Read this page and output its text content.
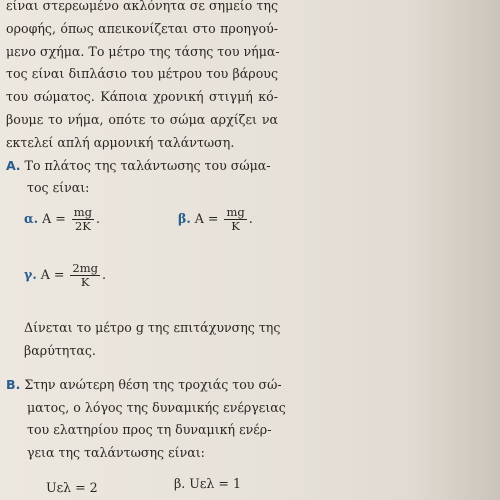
είναι στερεωμένο ακλόνητα σε σημείο της
οροφής, όπως απεικονίζεται στο προηγού-
μενο σχήμα. Το μέτρο της τάσης του νήμα-
τος είναι διπλάσιο του μέτρου του βάρους
του σώματος. Κάποια χρονική στιγμή κό-
βουμε το νήμα, οπότε το σώμα αρχίζει να
εκτελεί απλή αρμονική ταλάντωση.
Α. Το πλάτος της ταλάντωσης του σώμα-
τος είναι:
α. $A = \frac{mg}{2K}$ .	β. $A = \frac{mg}{K}$ .
γ. $A = \frac{2mg}{K}$ .
Δίνεται το μέτρο g της επιτάχυνσης της
βαρύτητας.
Β. Στην ανώτερη θέση της τροχιάς του σώ-
ματος, ο λόγος της δυναμικής ενέργειας
του ελατηρίου προς τη δυναμική ενέρ-
γεια της ταλάντωσης είναι:
Uελ = 2	β. Uελ = 1
